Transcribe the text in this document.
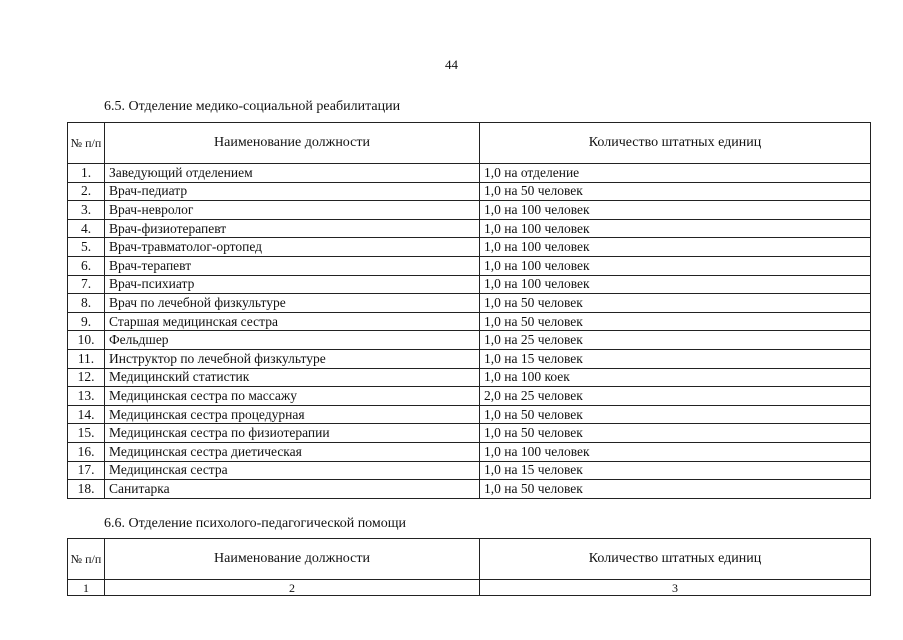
44
6.5. Отделение медико-социальной реабилитации
№ п/п	Наименование должности	Количество штатных единиц
1.	Заведующий отделением	1,0 на отделение
2.	Врач-педиатр	1,0 на 50 человек
3.	Врач-невролог	1,0 на 100 человек
4.	Врач-физиотерапевт	1,0 на 100 человек
5.	Врач-травматолог-ортопед	1,0 на 100 человек
6.	Врач-терапевт	1,0 на 100 человек
7.	Врач-психиатр	1,0 на 100 человек
8.	Врач по лечебной физкультуре	1,0 на 50 человек
9.	Старшая медицинская сестра	1,0 на 50 человек
10.	Фельдшер	1,0 на 25 человек
11.	Инструктор по лечебной физкультуре	1,0 на 15 человек
12.	Медицинский статистик	1,0 на 100 коек
13.	Медицинская сестра по массажу	2,0 на 25 человек
14.	Медицинская сестра процедурная	1,0 на 50 человек
15.	Медицинская сестра по физиотерапии	1,0 на 50 человек
16.	Медицинская сестра диетическая	1,0 на 100 человек
17.	Медицинская сестра	1,0 на 15 человек
18.	Санитарка	1,0 на 50 человек
6.6. Отделение психолого-педагогической помощи
№ п/п	Наименование должности	Количество штатных единиц
1	2	3
